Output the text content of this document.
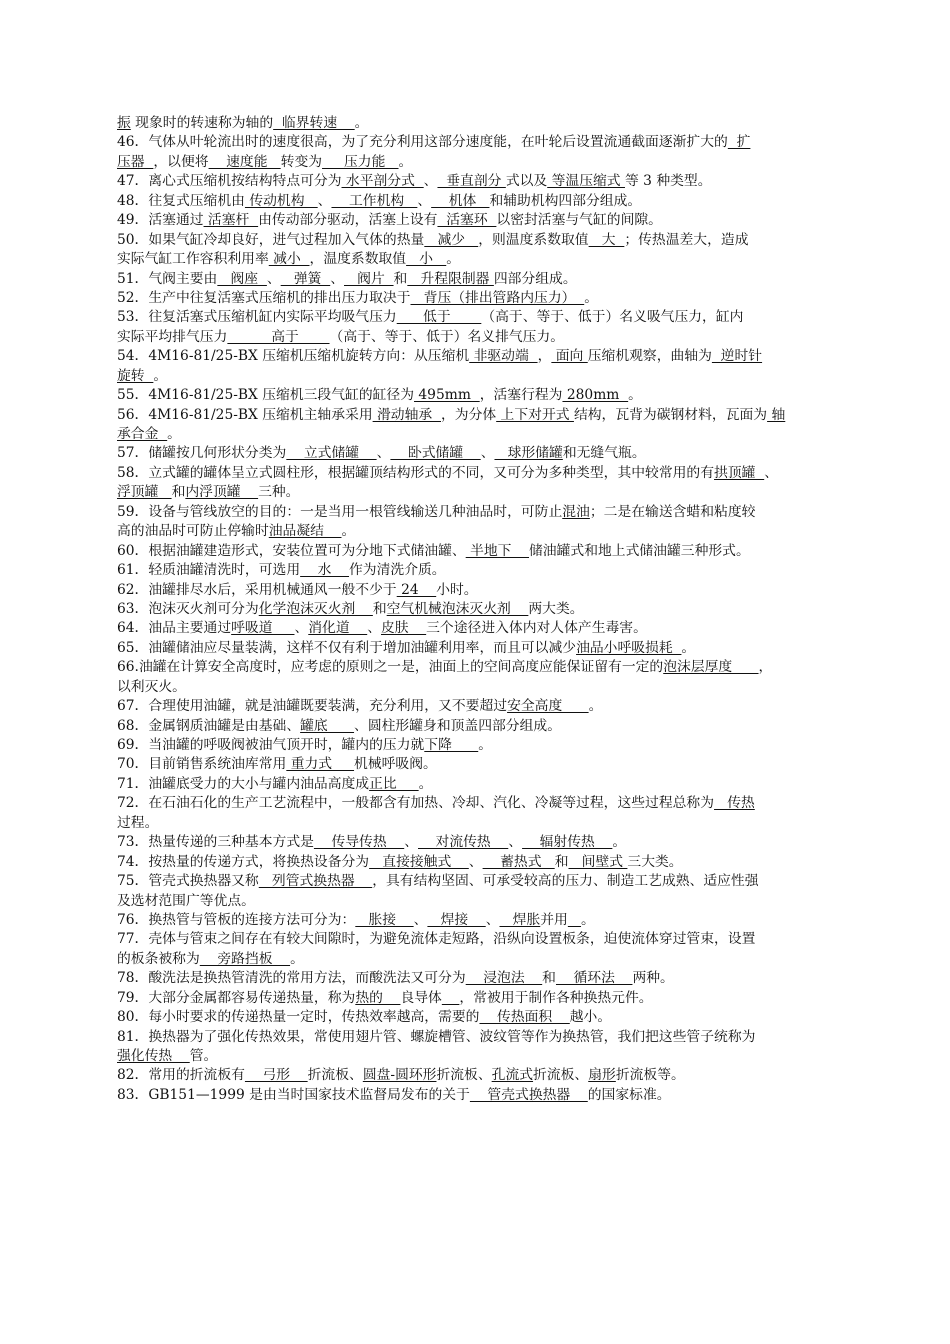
振 现象时的转速称为轴的  临界转速    。
46．气体从叶轮流出时的速度很高，为了充分利用这部分速度能，在叶轮后设置流通截面逐渐扩大的  扩
压器  ，以便将    速度能   转变为     压力能   。
47．离心式压缩机按结构特点可分为 水平剖分式  、  垂直剖分 式以及 等温压缩式 等 3 种类型。
48．往复式压缩机由 传动机构   、    工作机构   、    机体   和辅助机构四部分组成。
49．活塞通过 活塞杆  由传动部分驱动，活塞上设有  活塞环  以密封活塞与气缸的间隙。
50．如果气缸冷却良好，进气过程加入气体的热量   减少   ，则温度系数取值   大  ；传热温差大，造成
实际气缸工作容积利用率 减小  ，温度系数取值   小   。
51．气阀主要由   阀座  、   弹簧  、   阀片  和   升程限制器 四部分组成。
52．生产中往复活塞式压缩机的排出压力取决于   背压（排出管路内压力）  。
53．往复活塞式压缩机缸内实际平均吸气压力      低于       （高于、等于、低于）名义吸气压力，缸内
实际平均排气压力          高于       （高于、等于、低于）名义排气压力。
54．4M16-81/25-BX 压缩机压缩机旋转方向：从压缩机 非驱动端  ， 面向 压缩机观察，曲轴为  逆时针
旋转  。
55．4M16-81/25-BX 压缩机三段气缸的缸径为 495mm  ，活塞行程为 280mm  。
56．4M16-81/25-BX 压缩机主轴承采用 滑动轴承  ，为分体 上下对开式 结构，瓦背为碳钢材料，瓦面为 轴
承合金  。
57．储罐按几何形状分类为    立式储罐    、    卧式储罐    、   球形储罐和无缝气瓶。
58．立式罐的罐体呈立式圆柱形，根据罐顶结构形式的不同，又可分为多种类型，其中较常用的有拱顶罐  、
浮顶罐   和内浮顶罐    三种。
59．设备与管线放空的目的：一是当用一根管线输送几种油品时，可防止混油；二是在输送含蜡和粘度较
高的油品时可防止停输时油品凝结    。
60．根据油罐建造形式，安装位置可为分地下式储油罐、 半地下    储油罐式和地上式储油罐三种形式。
61．轻质油罐清洗时，可选用    水    作为清洗介质。
62．油罐排尽水后，采用机械通风一般不少于 24    小时。
63．泡沫灭火剂可分为化学泡沫灭火剂    和空气机械泡沫灭火剂    两大类。
64．油品主要通过呼吸道     、消化道    、皮肤    三个途径进入体内对人体产生毒害。
65．油罐储油应尽量装满，这样不仅有利于增加油罐利用率，而且可以减少油品小呼吸损耗  。
66.油罐在计算安全高度时，应考虑的原则之一是，油面上的空间高度应能保证留有一定的泡沫层厚度      ，
以利灭火。
67．合理使用油罐，就是油罐既要装满，充分利用，又不要超过安全高度      。
68．金属钢质油罐是由基础、罐底      、圆柱形罐身和顶盖四部分组成。
69．当油罐的呼吸阀被油气顶开时，罐内的压力就下降      。
70．目前销售系统油库常用 重力式     机械呼吸阀。
71．油罐底受力的大小与罐内油品高度成正比     。
72．在石油石化的生产工艺流程中，一般都含有加热、冷却、汽化、冷凝等过程，这些过程总称为   传热
过程。
73．热量传递的三种基本方式是    传导传热    、    对流传热    、    辐射传热    。
74．按热量的传递方式，将换热设备分为   直接接触式    、    蓄热式   和   间壁式 三大类。
75．管壳式换热器又称   列管式换热器    ，具有结构坚固、可承受较高的压力、制造工艺成熟、适应性强
及选材范围广等优点。
76．换热管与管板的连接方法可分为：   胀接    、   焊接    、   焊胀并用 。
77．壳体与管束之间存在有较大间隙时，为避免流体走短路，沿纵向设置板条，迫使流体穿过管束，设置
的板条被称为    旁路挡板    。
78．酸洗法是换热管清洗的常用方法，而酸洗法又可分为    浸泡法    和    循环法    两种。
79．大部分金属都容易传递热量，称为热的    良导体 ，常被用于制作各种换热元件。
80．每小时要求的传递热量一定时，传热效率越高，需要的    传热面积    越小。
81．换热器为了强化传热效果，常使用翅片管、螺旋槽管、波纹管等作为换热管，我们把这些管子统称为
强化传热    管。
82．常用的折流板有    弓形    折流板、圆盘-圆环形折流板、孔流式折流板、扇形折流板等。
83．GB151—1999 是由当时国家技术监督局发布的关于    管壳式换热器    的国家标准。
